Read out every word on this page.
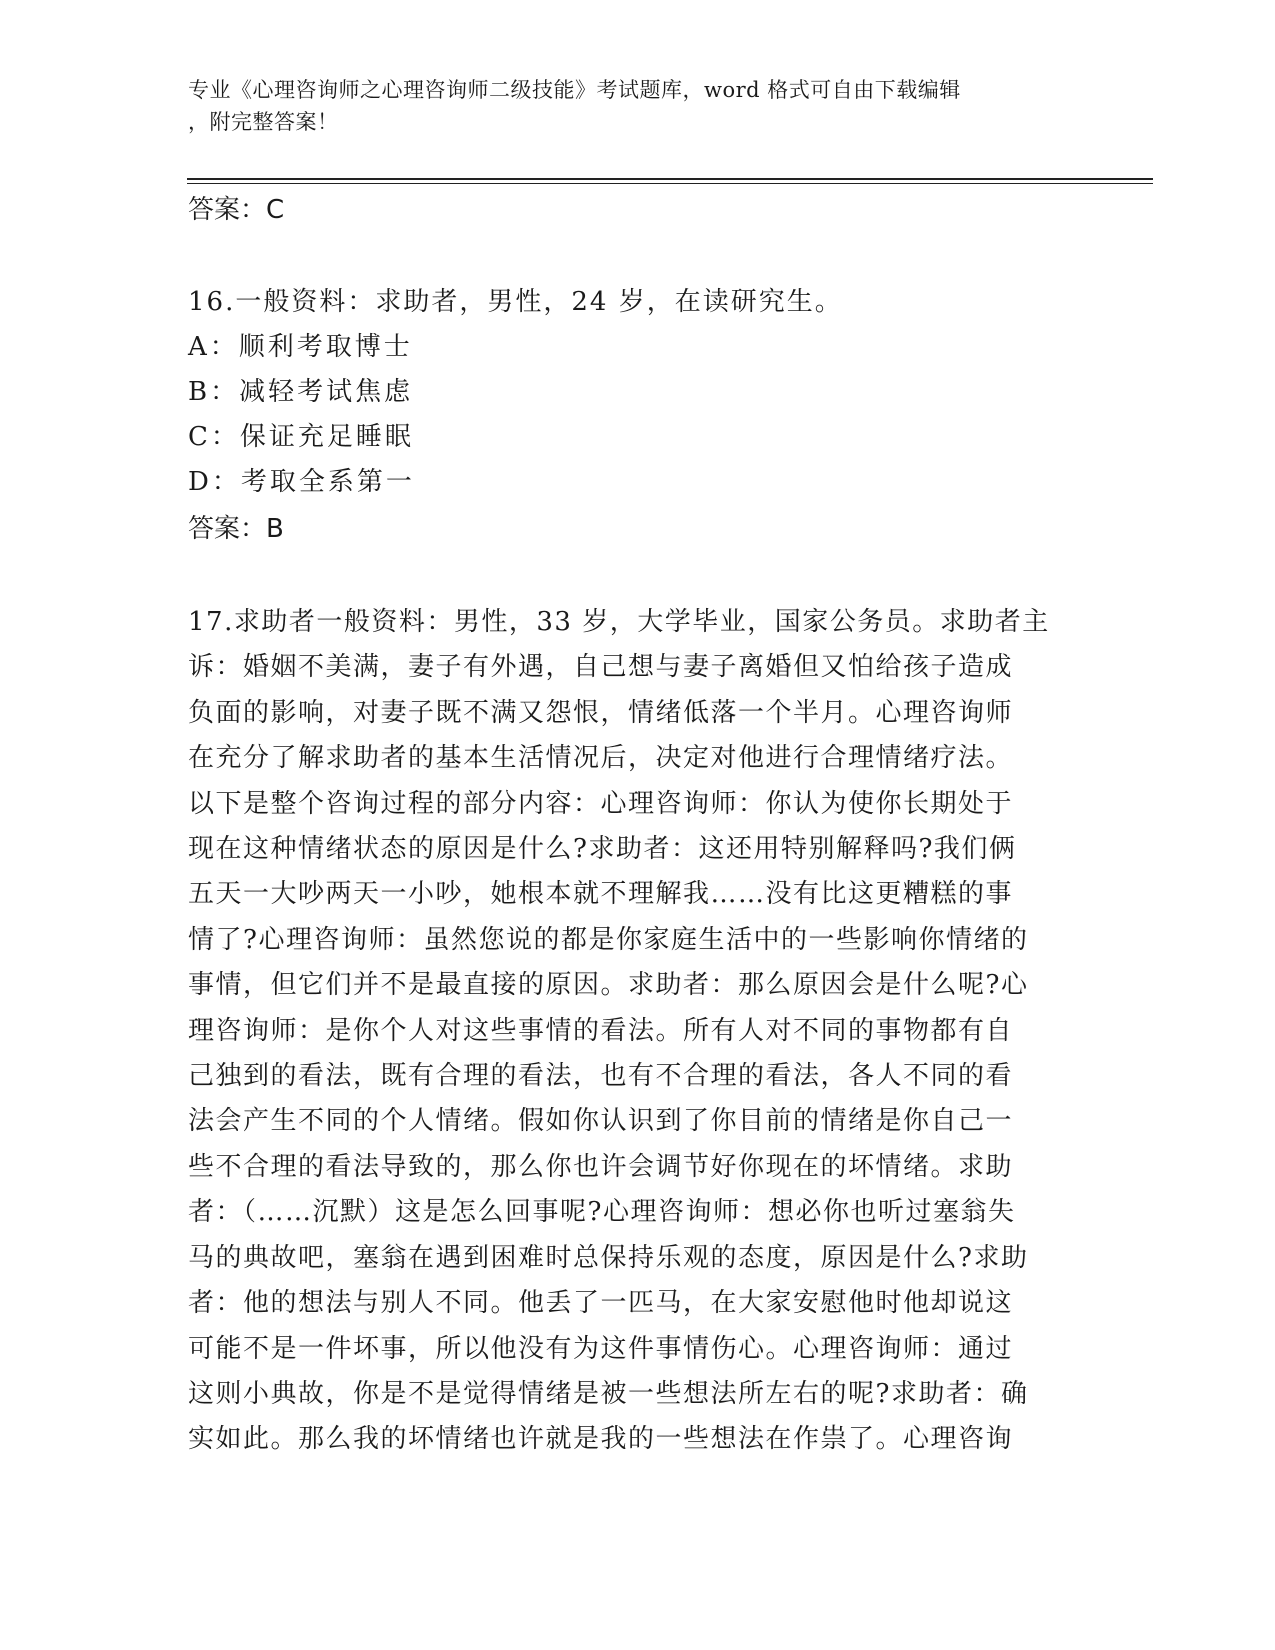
专业《心理咨询师之心理咨询师二级技能》考试题库，word 格式可自由下载编辑
，附完整答案！
答案：C
16.一般资料：求助者，男性，24 岁，在读研究生。
A：顺利考取博士
B：减轻考试焦虑
C：保证充足睡眠
D：考取全系第一
答案：B
17.求助者一般资料：男性，33 岁，大学毕业，国家公务员。求助者主
诉：婚姻不美满，妻子有外遇，自己想与妻子离婚但又怕给孩子造成
负面的影响，对妻子既不满又怨恨，情绪低落一个半月。心理咨询师
在充分了解求助者的基本生活情况后，决定对他进行合理情绪疗法。
以下是整个咨询过程的部分内容：心理咨询师：你认为使你长期处于
现在这种情绪状态的原因是什么?求助者：这还用特别解释吗?我们俩
五天一大吵两天一小吵，她根本就不理解我……没有比这更糟糕的事
情了?心理咨询师：虽然您说的都是你家庭生活中的一些影响你情绪的
事情，但它们并不是最直接的原因。求助者：那么原因会是什么呢?心
理咨询师：是你个人对这些事情的看法。所有人对不同的事物都有自
己独到的看法，既有合理的看法，也有不合理的看法，各人不同的看
法会产生不同的个人情绪。假如你认识到了你目前的情绪是你自己一
些不合理的看法导致的，那么你也许会调节好你现在的坏情绪。求助
者：（……沉默）这是怎么回事呢?心理咨询师：想必你也听过塞翁失
马的典故吧，塞翁在遇到困难时总保持乐观的态度，原因是什么?求助
者：他的想法与别人不同。他丢了一匹马，在大家安慰他时他却说这
可能不是一件坏事，所以他没有为这件事情伤心。心理咨询师：通过
这则小典故，你是不是觉得情绪是被一些想法所左右的呢?求助者：确
实如此。那么我的坏情绪也许就是我的一些想法在作祟了。心理咨询
